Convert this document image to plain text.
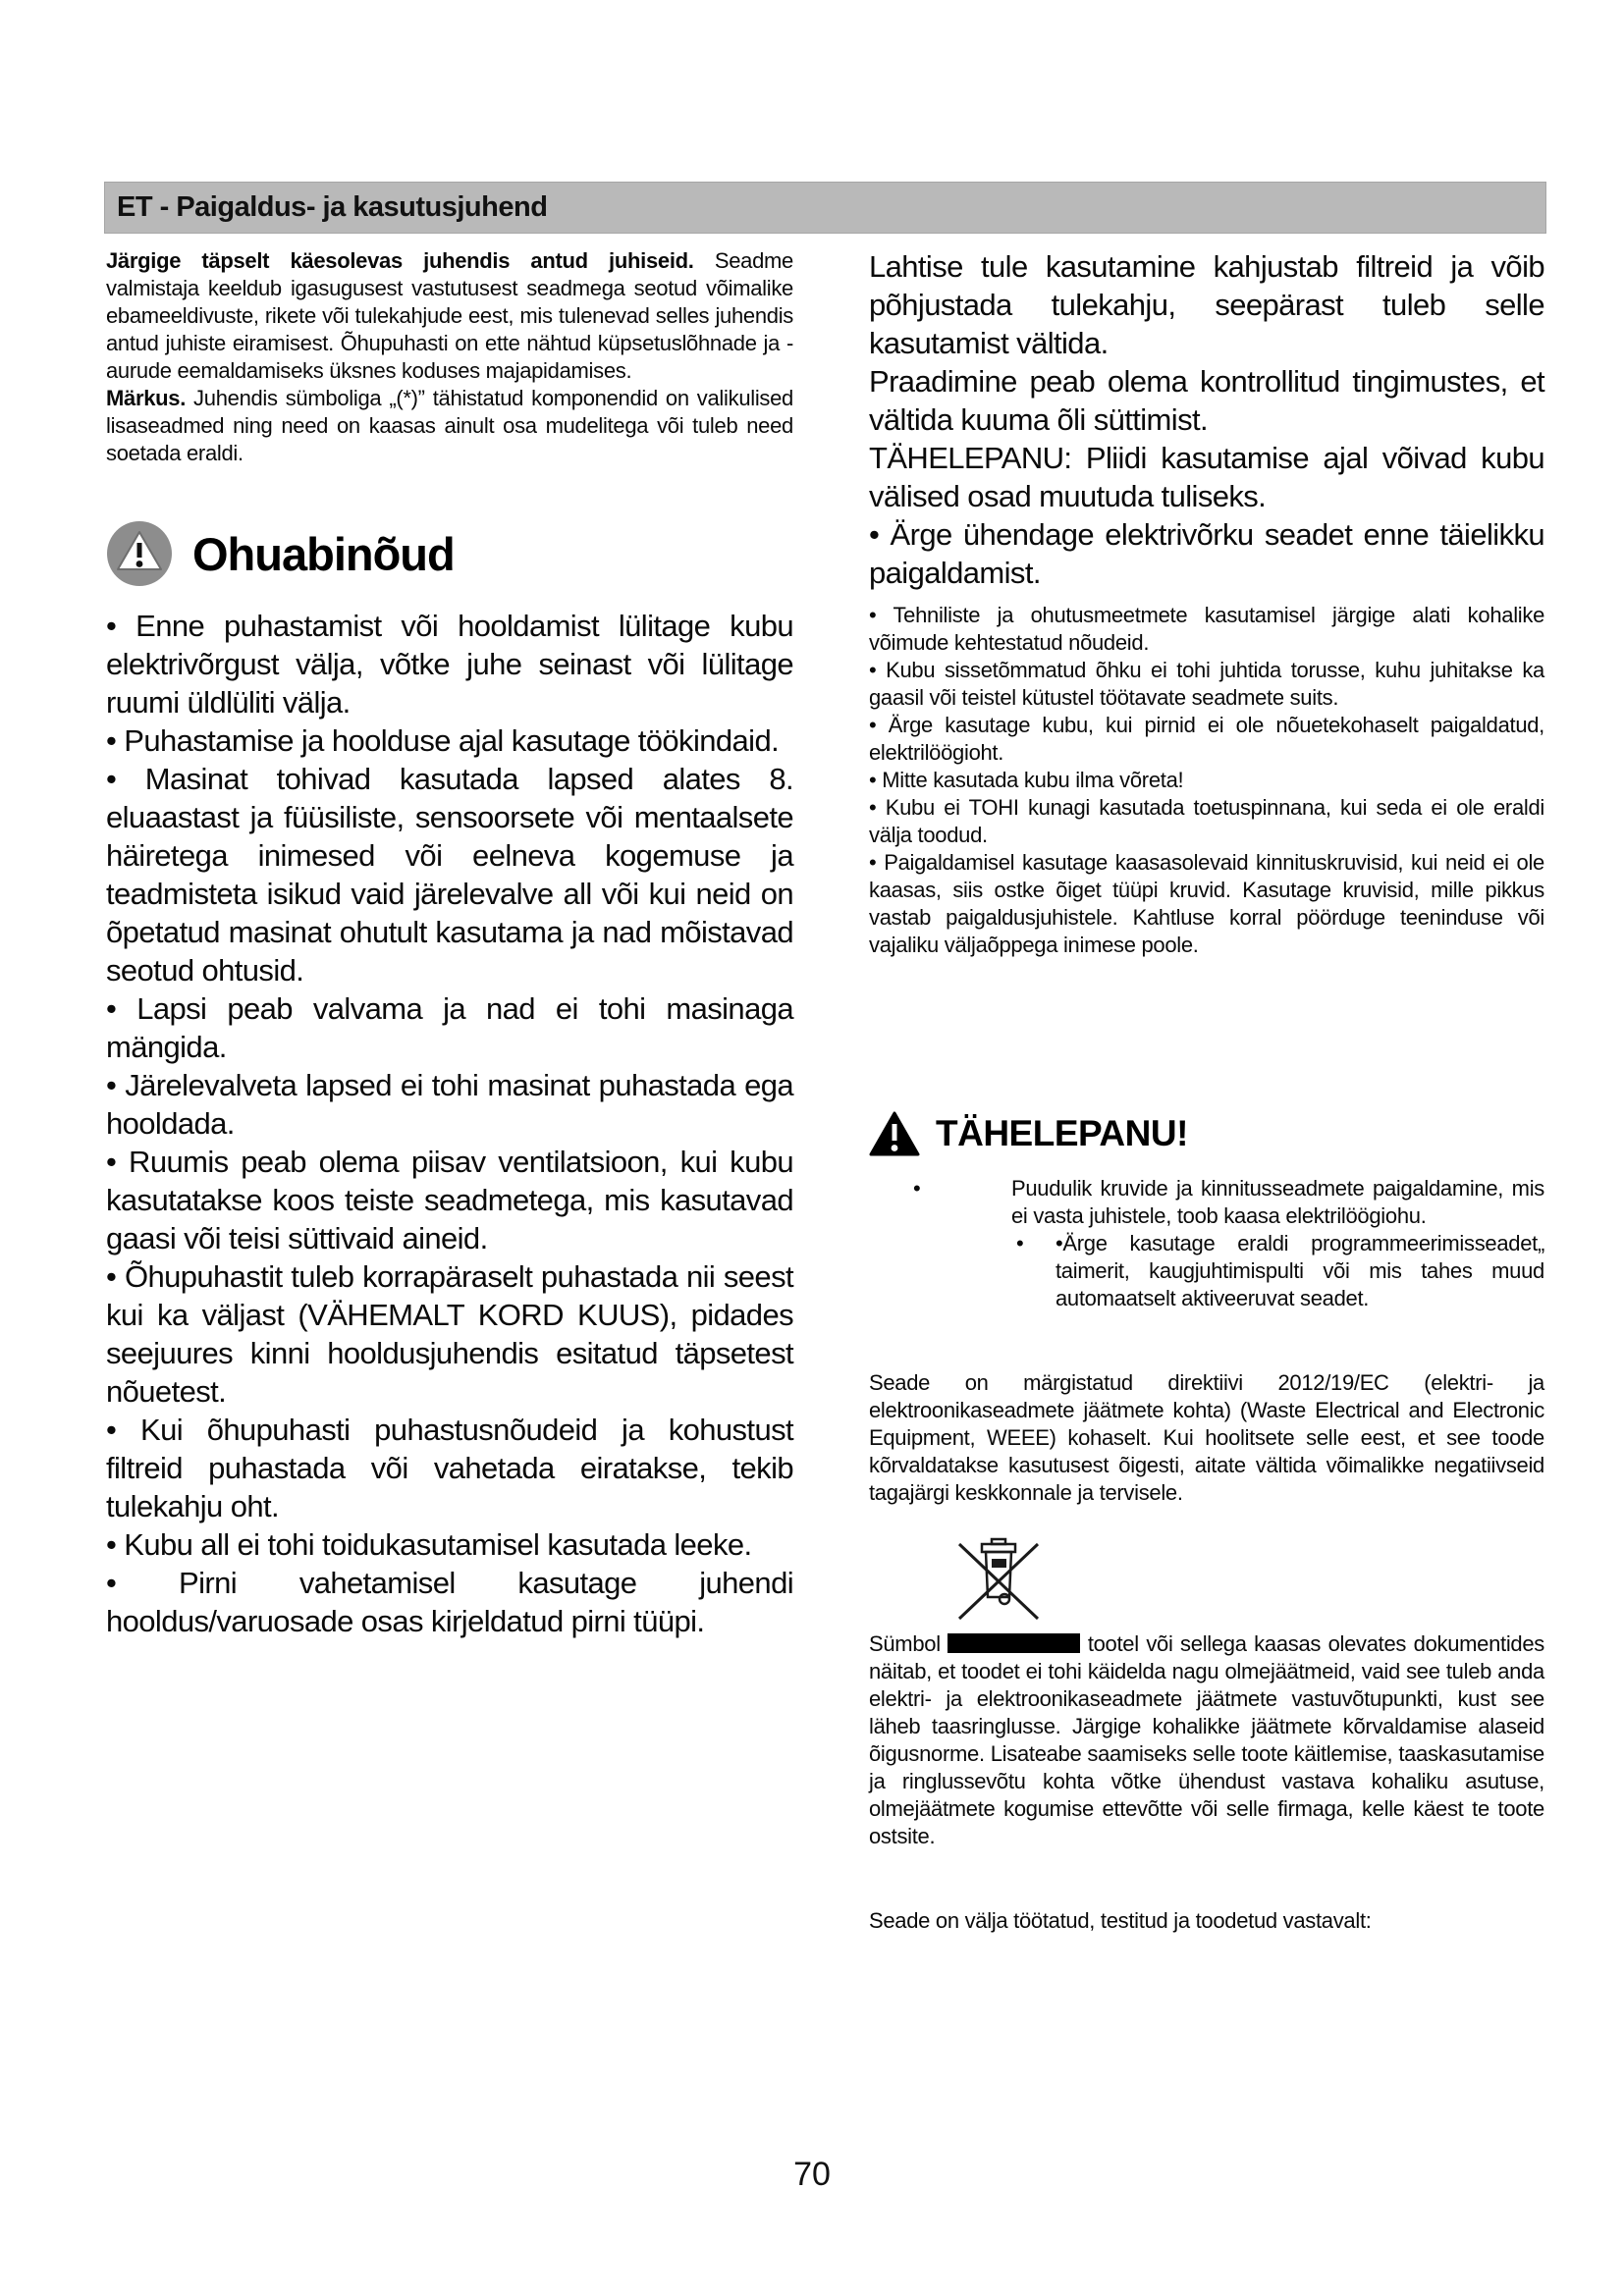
ET - Paigaldus- ja kasutusjuhend

Järgige täpselt käesolevas juhendis antud juhiseid. Seadme valmistaja keeldub igasugusest vastutusest seadmega seotud võimalike ebameeldivuste, rikete või tulekahjude eest, mis tulenevad selles juhendis antud juhiste eiramisest. Õhupuhasti on ette nähtud küpsetuslõhnade ja - aurude eemaldamiseks üksnes koduses majapidamises.

Märkus. Juhendis sümboliga „(*)” tähistatud komponendid on valikulised lisaseadmed ning need on kaasas ainult osa mudelitega või tuleb need soetada eraldi.

Ohuabinõud

• Enne puhastamist või hooldamist lülitage kubu elektrivõrgust välja, võtke juhe seinast või lülitage ruumi üldlüliti välja.

• Puhastamise ja hoolduse ajal kasutage töökindaid.

• Masinat tohivad kasutada lapsed alates 8. eluaastast ja füüsiliste, sensoorsete või mentaalsete häiretega inimesed või eelneva kogemuse ja teadmisteta isikud vaid järelevalve all või kui neid on õpetatud masinat ohutult kasutama ja nad mõistavad seotud ohtusid.

• Lapsi peab valvama ja nad ei tohi masinaga mängida.

• Järelevalveta lapsed ei tohi masinat puhastada ega hooldada.

• Ruumis peab olema piisav ventilatsioon, kui kubu kasutatakse koos teiste seadmetega, mis kasutavad gaasi või teisi süttivaid aineid.

• Õhupuhastit tuleb korrapäraselt puhastada nii seest kui ka väljast (VÄHEMALT KORD KUUS), pidades seejuures kinni hooldusjuhendis esitatud täpsetest nõuetest.

• Kui õhupuhasti puhastusnõudeid ja kohustust filtreid puhastada või vahetada eiratakse, tekib tulekahju oht.

• Kubu all ei tohi toidukasutamisel kasutada leeke.

• Pirni vahetamisel kasutage juhendi hooldus/varuosade osas kirjeldatud pirni tüüpi.

Lahtise tule kasutamine kahjustab filtreid ja võib põhjustada tulekahju, seepärast tuleb selle kasutamist vältida.

Praadimine peab olema kontrollitud tingimustes, et vältida kuuma õli süttimist.

TÄHELEPANU: Pliidi kasutamise ajal võivad kubu välised osad muutuda tuliseks.

• Ärge ühendage elektrivõrku seadet enne täielikku paigaldamist.

• Tehniliste ja ohutusmeetmete kasutamisel järgige alati kohalike võimude kehtestatud nõudeid.

• Kubu sissetõmmatud õhku ei tohi juhtida torusse, kuhu juhitakse ka gaasil või teistel kütustel töötavate seadmete suits.

• Ärge kasutage kubu, kui pirnid ei ole nõuetekohaselt paigaldatud, elektrilöögioht.

• Mitte kasutada kubu ilma võreta!

• Kubu ei TOHI kunagi kasutada toetuspinnana, kui seda ei ole eraldi välja toodud.

• Paigaldamisel kasutage kaasasolevaid kinnituskruvisid, kui neid ei ole kaasas, siis ostke õiget tüüpi kruvid. Kasutage kruvisid, mille pikkus vastab paigaldusjuhistele. Kahtluse korral pöörduge teeninduse või vajaliku väljaõppega inimese poole.

TÄHELEPANU!
•	Puudulik kruvide ja kinnitusseadmete paigaldamine, mis ei vasta juhistele, toob kaasa elektrilöögiohu.
•	•Ärge kasutage eraldi programmeerimisseadet„ taimerit, kaugjuhtimispulti või mis tahes muud automaatselt aktiveeruvat seadet.

Seade on märgistatud direktiivi 2012/19/EC (elektri- ja elektroonikaseadmete jäätmete kohta) (Waste Electrical and Electronic Equipment, WEEE) kohaselt. Kui hoolitsete selle eest, et see toode kõrvaldatakse kasutusest õigesti, aitate vältida võimalikke negatiivseid tagajärgi keskkonnale ja tervisele.

Sümbol	tootel või sellega kaasas olevates dokumentides näitab, et toodet ei tohi käidelda nagu olmejäätmeid, vaid see tuleb anda elektri- ja elektroonikaseadmete jäätmete vastuvõtupunkti, kust see läheb taasringlusse. Järgige kohalikke jäätmete kõrvaldamise alaseid õigusnorme. Lisateabe saamiseks selle toote käitlemise, taaskasutamise ja ringlussevõtu kohta võtke ühendust vastava kohaliku asutuse, olmejäätmete kogumise ettevõtte või selle firmaga, kelle käest te toote ostsite.

Seade on välja töötatud, testitud ja toodetud vastavalt:

70
